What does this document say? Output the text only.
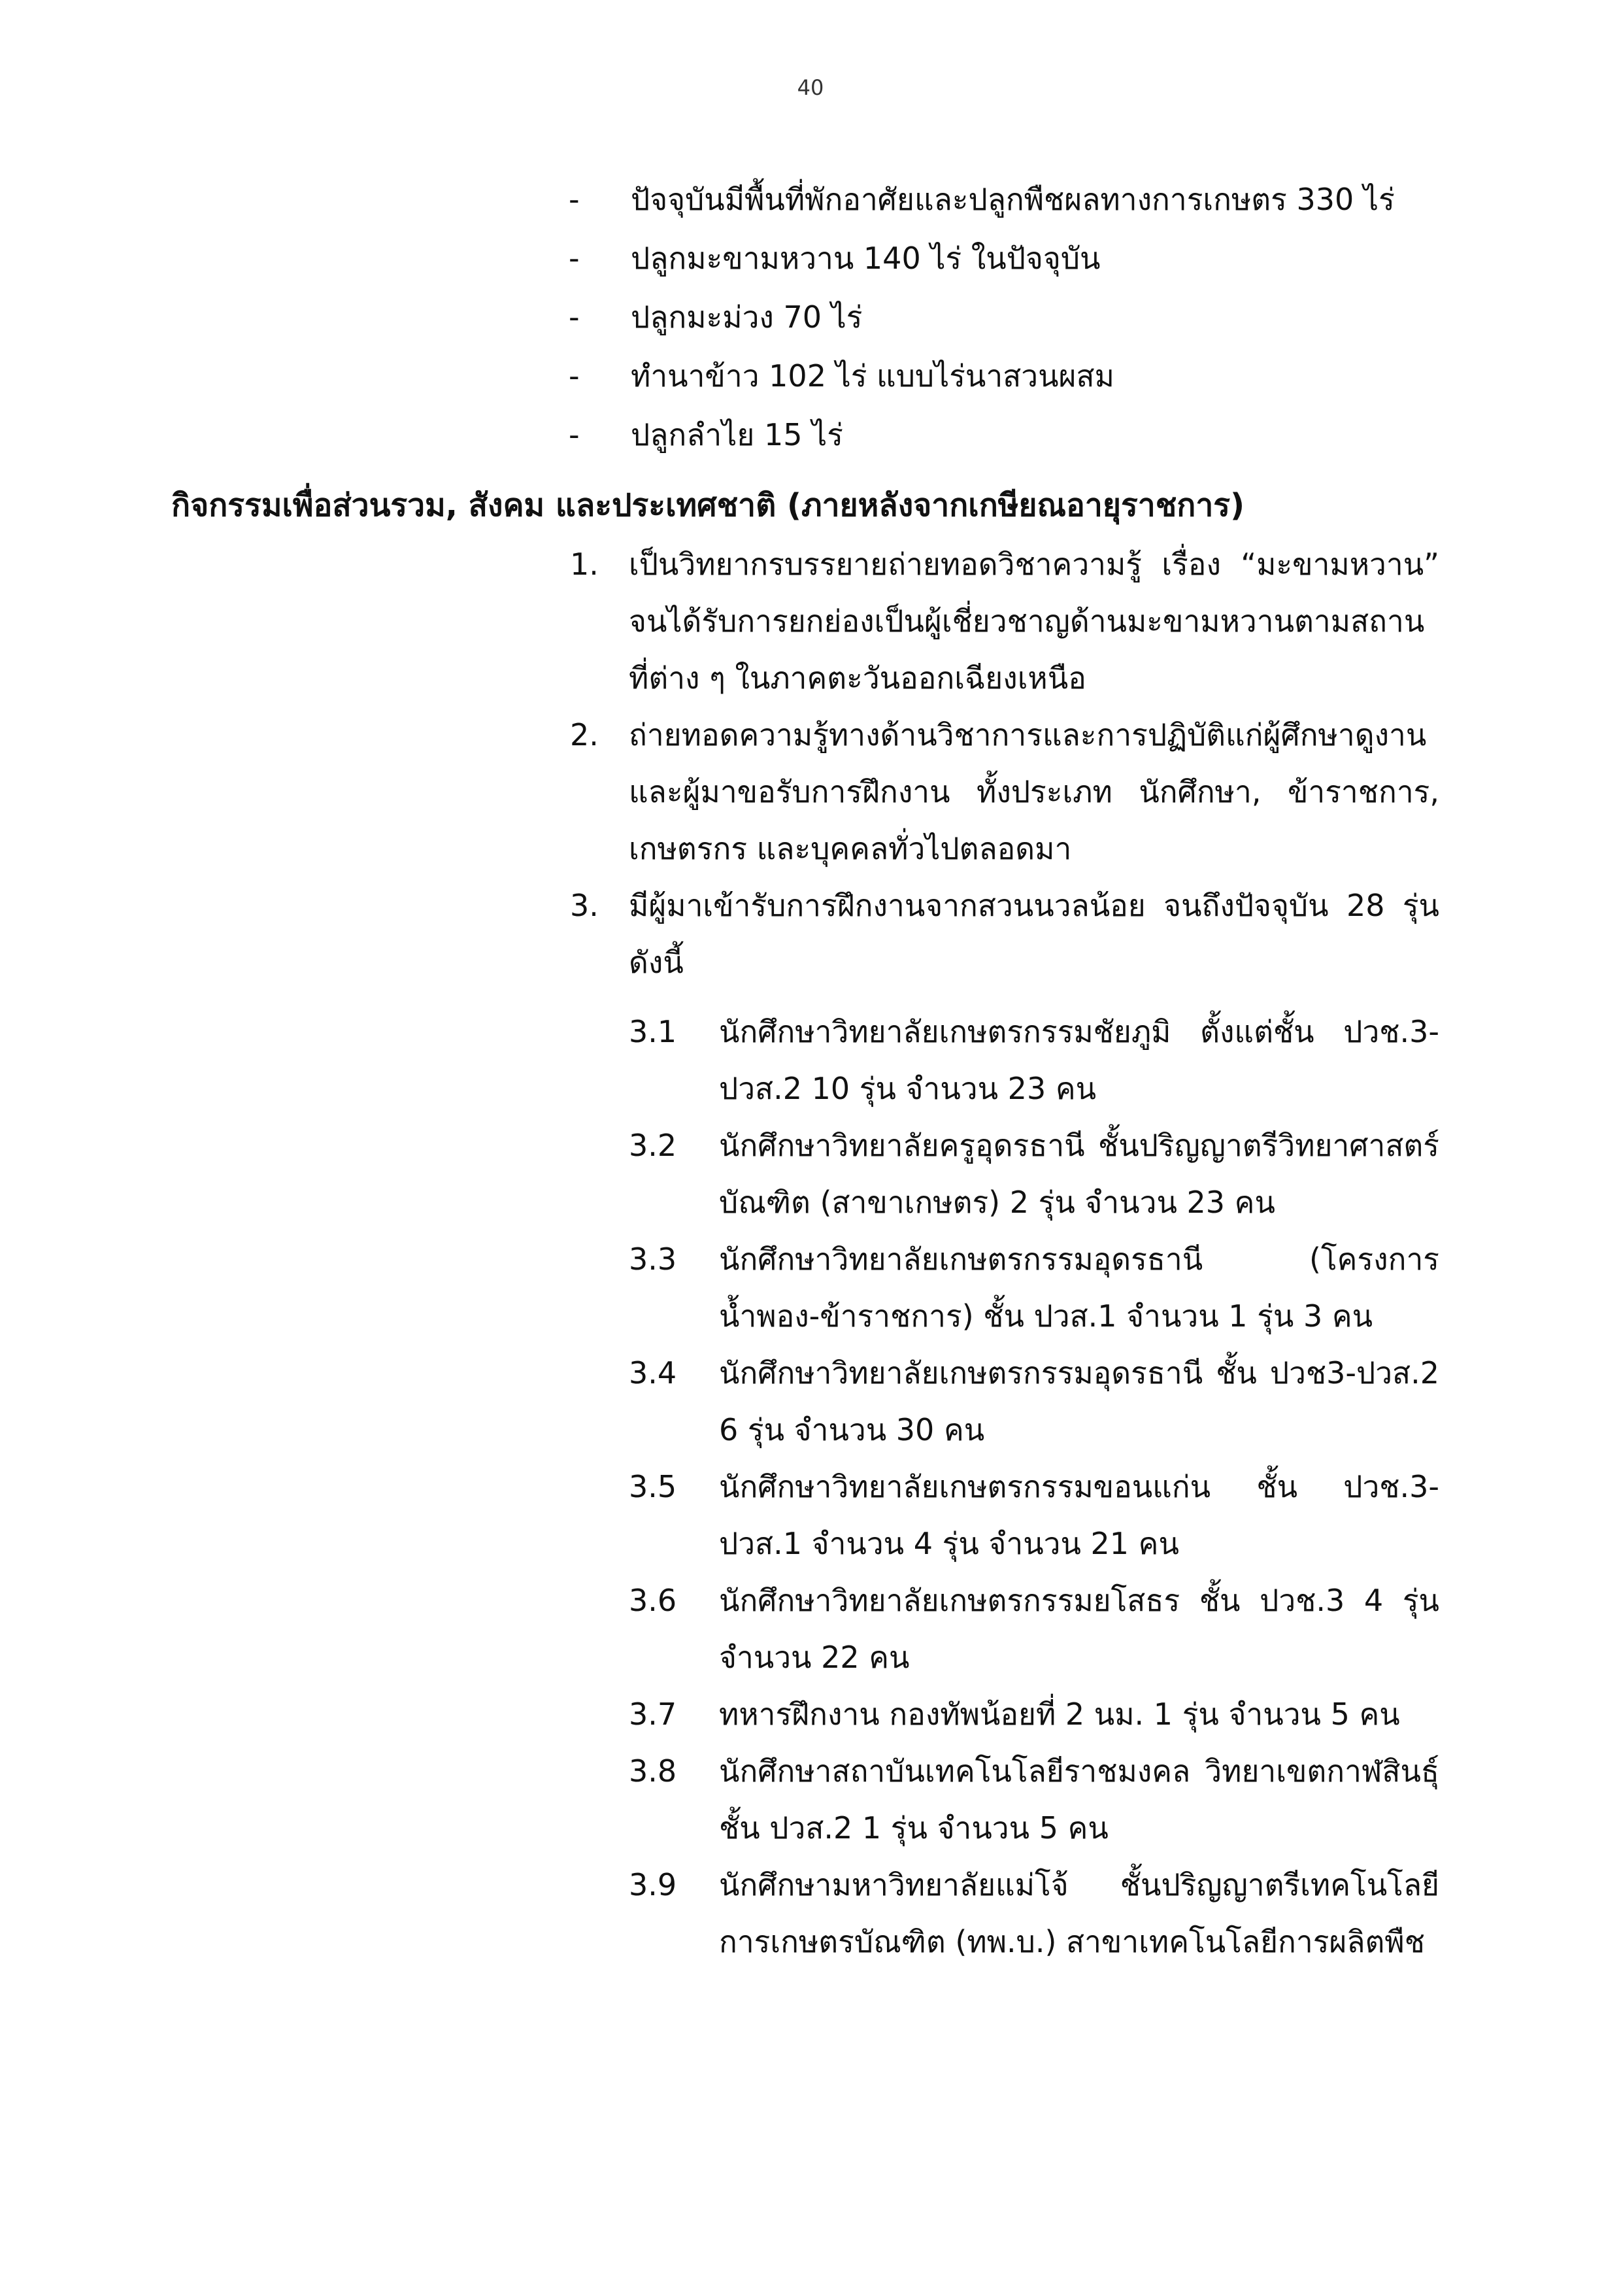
40
-	ปัจจุบันมีพื้นที่พักอาศัยและปลูกพืชผลทางการเกษตร 330 ไร่
-	ปลูกมะขามหวาน 140 ไร่ ในปัจจุบัน
-	ปลูกมะม่วง 70 ไร่
-	ทำนาข้าว 102 ไร่ แบบไร่นาสวนผสม
-	ปลูกลำไย 15 ไร่
กิจกรรมเพื่อส่วนรวม, สังคม และประเทศชาติ (ภายหลังจากเกษียณอายุราชการ)
1.	เป็นวิทยากรบรรยายถ่ายทอดวิชาความรู้ เรื่อง “มะขามหวาน” จนได้รับการยกย่องเป็นผู้เชี่ยวชาญด้านมะขามหวานตามสถานที่ต่าง ๆ ในภาคตะวันออกเฉียงเหนือ
2.	ถ่ายทอดความรู้ทางด้านวิชาการและการปฏิบัติแก่ผู้ศึกษาดูงานและผู้มาขอรับการฝึกงาน ทั้งประเภท นักศึกษา, ข้าราชการ, เกษตรกร และบุคคลทั่วไปตลอดมา
3.	มีผู้มาเข้ารับการฝึกงานจากสวนนวลน้อย จนถึงปัจจุบัน 28 รุ่น ดังนี้
3.1	นักศึกษาวิทยาลัยเกษตรกรรมชัยภูมิ ตั้งแต่ชั้น ปวช.3-ปวส.2 10 รุ่น จำนวน 23 คน
3.2	นักศึกษาวิทยาลัยครูอุดรธานี ชั้นปริญญาตรีวิทยาศาสตร์บัณฑิต (สาขาเกษตร) 2 รุ่น จำนวน 23 คน
3.3	นักศึกษาวิทยาลัยเกษตรกรรมอุดรธานี (โครงการน้ำพอง-ข้าราชการ) ชั้น ปวส.1 จำนวน 1 รุ่น 3 คน
3.4	นักศึกษาวิทยาลัยเกษตรกรรมอุดรธานี ชั้น ปวช3-ปวส.2 6 รุ่น จำนวน 30 คน
3.5	นักศึกษาวิทยาลัยเกษตรกรรมขอนแก่น ชั้น ปวช.3-ปวส.1 จำนวน 4 รุ่น จำนวน 21 คน
3.6	นักศึกษาวิทยาลัยเกษตรกรรมยโสธร ชั้น ปวช.3 4 รุ่น จำนวน 22 คน
3.7	ทหารฝึกงาน กองทัพน้อยที่ 2 นม. 1 รุ่น จำนวน 5 คน
3.8	นักศึกษาสถาบันเทคโนโลยีราชมงคล วิทยาเขตกาฬสินธุ์ ชั้น ปวส.2 1 รุ่น จำนวน 5 คน
3.9	นักศึกษามหาวิทยาลัยแม่โจ้ ชั้นปริญญาตรีเทคโนโลยีการเกษตรบัณฑิต (ทพ.บ.) สาขาเทคโนโลยีการผลิตพืช
